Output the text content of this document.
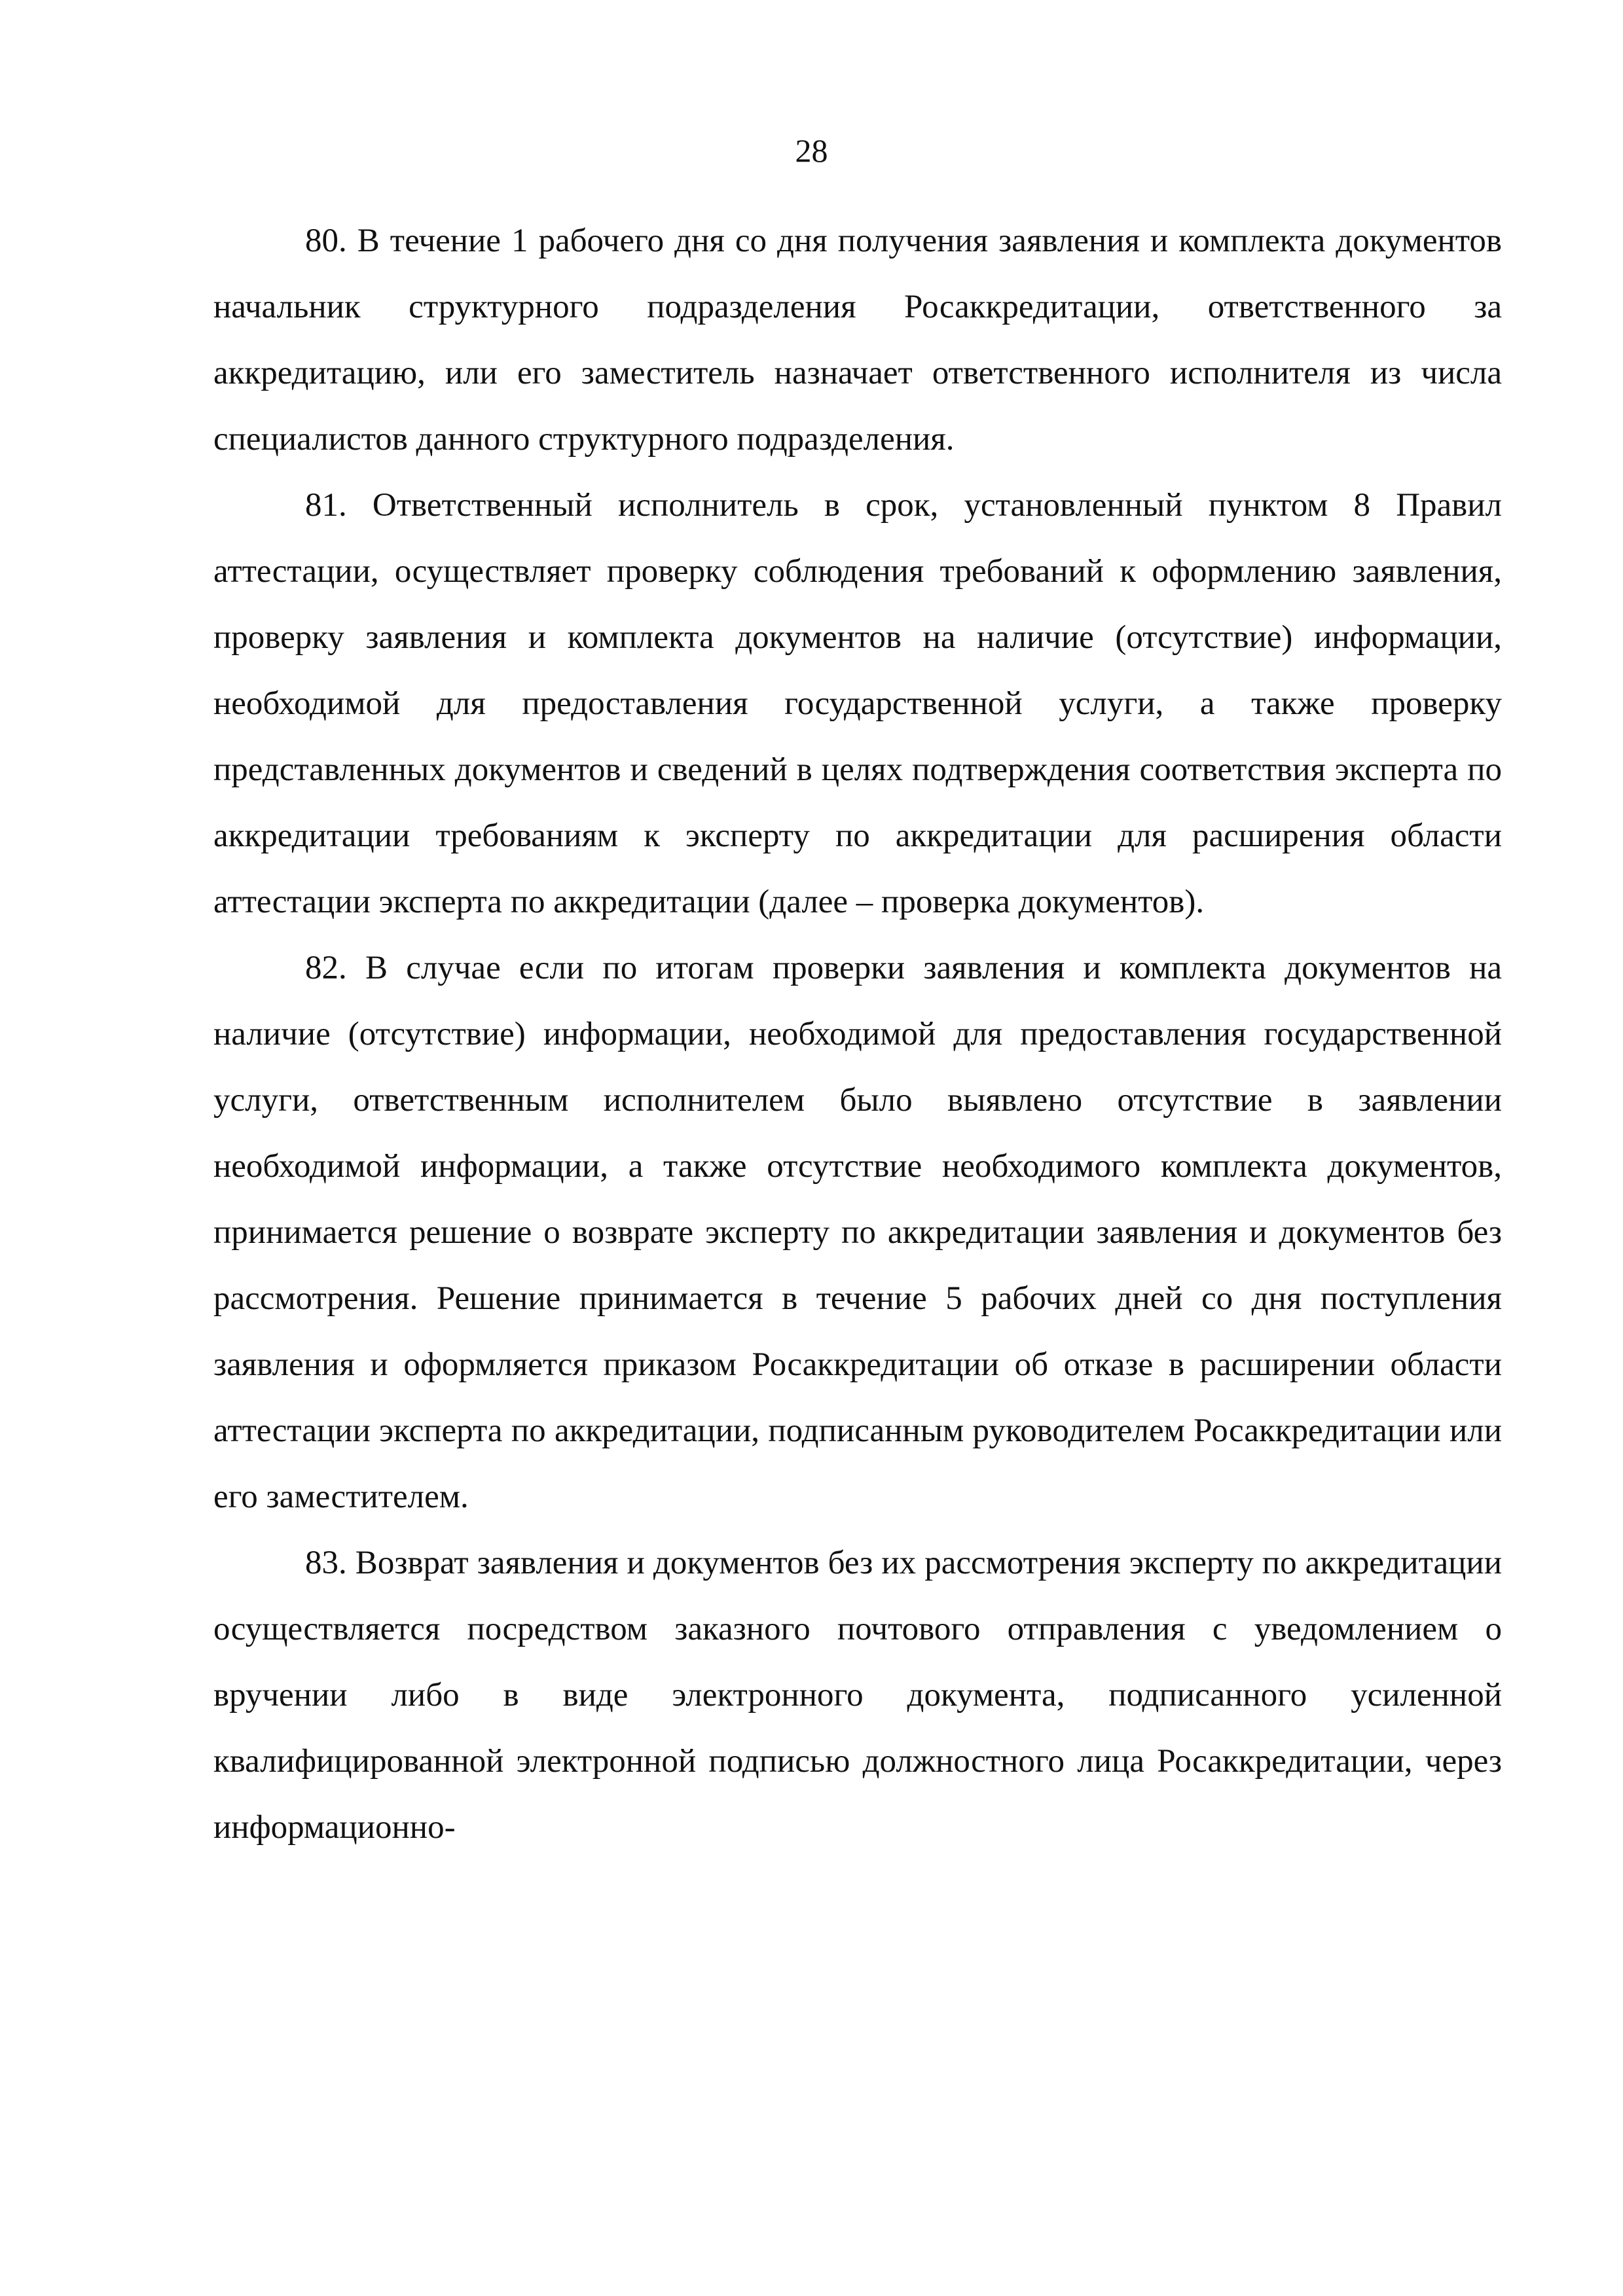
28

80. В течение 1 рабочего дня со дня получения заявления и комплекта документов начальник структурного подразделения Росаккредитации, ответственного за аккредитацию, или его заместитель назначает ответственного исполнителя из числа специалистов данного структурного подразделения.

81. Ответственный исполнитель в срок, установленный пунктом 8 Правил аттестации, осуществляет проверку соблюдения требований к оформлению заявления, проверку заявления и комплекта документов на наличие (отсутствие) информации, необходимой для предоставления государственной услуги, а также проверку представленных документов и сведений в целях подтверждения соответствия эксперта по аккредитации требованиям к эксперту по аккредитации для расширения области аттестации эксперта по аккредитации (далее – проверка документов).

82. В случае если по итогам проверки заявления и комплекта документов на наличие (отсутствие) информации, необходимой для предоставления государственной услуги, ответственным исполнителем было выявлено отсутствие в заявлении необходимой информации, а также отсутствие необходимого комплекта документов, принимается решение о возврате эксперту по аккредитации заявления и документов без рассмотрения. Решение принимается в течение 5 рабочих дней со дня поступления заявления и оформляется приказом Росаккредитации об отказе в расширении области аттестации эксперта по аккредитации, подписанным руководителем Росаккредитации или его заместителем.

83. Возврат заявления и документов без их рассмотрения эксперту по аккредитации осуществляется посредством заказного почтового отправления с уведомлением о вручении либо в виде электронного документа, подписанного усиленной квалифицированной электронной подписью должностного лица Росаккредитации, через информационно-
